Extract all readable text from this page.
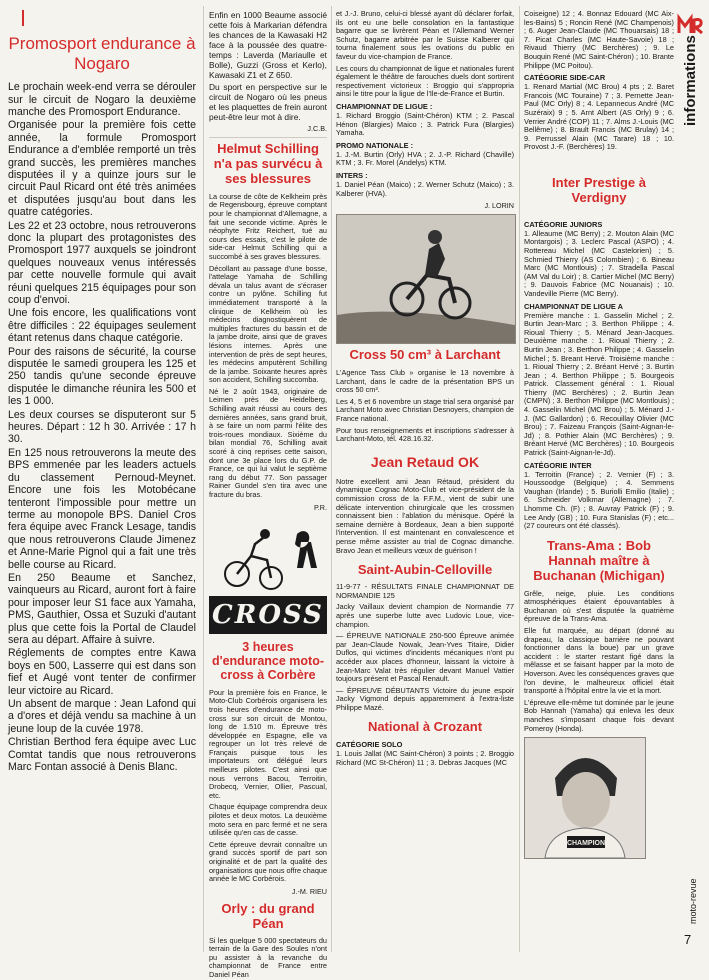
Promosport endurance à Nogaro

Le prochain week-end verra se dérouler sur le circuit de Nogaro la deuxième manche des Promosport Endurance.

Organisée pour la première fois cette année, la formule Promosport Endurance a d'emblée remporté un très grand succès, les premières manches disputées il y a quinze jours sur le circuit Paul Ricard ont été très animées et disputées jusqu'au bout dans les quatre catégories.

Les 22 et 23 octobre, nous retrouverons donc la plupart des protagonistes des Promosport 1977 auxquels se joindront quelques nouveaux venus intéressés par cette nouvelle formule qui avait réuni quelques 215 équipages pour son coup d'envoi.

Une fois encore, les qualifications vont être difficiles : 22 équipages seulement étant retenus dans chaque catégorie.

Pour des raisons de sécurité, la course disputée le samedi groupera les 125 et 250 tandis qu'une seconde épreuve disputée le dimanche réunira les 500 et les 1 000.

Les deux courses se disputeront sur 5 heures. Départ : 12 h 30. Arrivée : 17 h 30.

En 125 nous retrouverons la meute des BPS emmenée par les leaders actuels du classement Pernoud-Meynet. Encore une fois les Motobécane tenteront l'impossible pour mettre un terme au monopole BPS. Daniel Cros fera équipe avec Franck Lesage, tandis que nous retrouverons Claude Jimenez et Anne-Marie Pignol qui a fait une très belle course au Ricard.

En 250 Beaume et Sanchez, vainqueurs au Ricard, auront fort à faire pour imposer leur S1 face aux Yamaha, PMS, Gauthier, Ossa et Suzuki d'autant plus que cette fois la Portal de Claudel sera au départ. Affaire à suivre.

Réglements de comptes entre Kawa boys en 500, Lasserre qui est dans son fief et Augé vont tenter de confirmer leur victoire au Ricard.

Un absent de marque : Jean Lafond qui a d'ores et déjà vendu sa machine à un jeune loup de la cuvée 1978.

Christian Berthod fera équipe avec Luc Comtat tandis que nous retrouverons Marc Fontan associé à Denis Blanc.

Enfin en 1000 Beaume associé cette fois à Markarian défendra les chances de la Kawasaki H2 face à la poussée des quatre-temps : Laverda (Mariaulle et Bolle), Guzzi (Gross et Kerlo), Kawasaki Z1 et Z 650.

Du sport en perspective sur le circuit de Nogaro où les pneus et les plaquettes de frein auront peut-être leur mot à dire.

J.C.B.
Helmut Schilling n'a pas survécu à ses blessures

La course de côte de Kelkheim près de Regensbourg, épreuve comptant pour le championnat d'Allemagne, a fait une seconde victime. Après le néophyte Fritz Reichert, tué au cours des essais, c'est le pilote de side-car Helmut Schilling qui a succombé à ses graves blessures.

Décollant au passage d'une bosse, l'attelage Yamaha de Schilling dévala un talus avant de s'écraser contre un pylône. Schilling fut immédiatement transporté à la clinique de Kelkheim où les médecins diagnostiquèrent de multiples fractures du bassin et de la jambe droite, ainsi que de graves lésions internes. Après une intervention de près de sept heures, les médecins amputèrent Schilling de la jambe. Soixante heures après son accident, Schilling succomba.

Né le 2 août 1943, originaire de Leimen près de Heidelberg, Schilling avait réussi au cours des dernières années, sans grand bruit, à se faire un nom parmi l'élite des trois-roues mondiaux. Sixième du bilan mondial 76, Schilling avait scoré à cinq reprises cette saison, dont une 3e place lors du G.P. de France, ce qui lui valut le septième rang du début 77. Son passager Rainer Gundel s'en tira avec une fracture du bras.

P.R.
CROSS
3 heures d'endurance moto-cross à Corbère

Pour la première fois en France, le Moto-Club Corbérois organisera les trois heures d'endurance de moto-cross sur son circuit de Montou, long de 1.510 m. Épreuve très développée en Espagne, elle va regrouper un lot très relevé de Français puisque tous les importateurs ont délégué leurs meilleurs pilotes. C'est ainsi que nous verrons Bacou, Terroitin, Drobecq, Vernier, Ollier, Pascual, etc.

Chaque équipage comprendra deux pilotes et deux motos. La deuxième moto sera en parc fermé et ne sera utilisée qu'en cas de casse.

Cette épreuve devrait connaître un grand succès sportif de part son originalité et de part la qualité des organisations que nous offre chaque année le MC Corbérois.

J.-M. RIEU
Orly : du grand Péan

Si les quelque 5 000 spectateurs du terrain de la Gare des Soules n'ont pu assister à la revanche du championnat de France entre Daniel Péan

et J.-J. Bruno, celui-ci blessé ayant dû déclarer forfait, ils ont eu une belle consolation en la fantastique bagarre que se livrèrent Péan et l'Allemand Werner Schutz, bagarre arbitrée par le Suisse Kalberer qui tourna finalement sous les ovations du public en faveur du vice-champion de France.

Les cours du championnat de ligue et nationales furent également le théâtre de farouches duels dont sortirent respectivement victorieux : Broggio qui s'appropria ainsi le titre pour la ligue de l'Ile-de-France et Burtin.

CHAMPIONNAT DE LIGUE :

1. Richard Broggio (Saint-Chéron) KTM ; 2. Pascal Hénon (Blargies) Maico ; 3. Patrick Fura (Blargies) Yamaha.

PROMO NATIONALE :

1. J.-M. Burtin (Orly) HVA ; 2. J.-P. Richard (Chaville) KTM ; 3. Fr. Morel (Andelys) KTM.

INTERS :

1. Daniel Péan (Maico) ; 2. Werner Schutz (Maico) ; 3. Kalberer (HVA).

J. LORIN
Cross 50 cm³ à Larchant

L'Agence Tass Club » organise le 13 novembre à Larchant, dans le cadre de la présentation BPS un cross 50 cm³.

Les 4, 5 et 6 novembre un stage trial sera organisé par Larchant Moto avec Christian Desnoyers, champion de France national.

Pour tous renseignements et inscriptions s'adresser à Larchant-Moto, tél. 428.16.32.

Jean Retaud OK

Notre excellent ami Jean Rétaud, président du dynamique Cognac Moto-Club et vice-président de la commission cross de la F.F.M., vient de subir une délicate intervention chirurgicale que les crossmen connaissent bien : l'ablation du ménisque. Opéré la semaine dernière à Bordeaux, Jean a bien supporté l'intervention. Il est maintenant en convalescence et pense même assister au trial de Cognac dimanche. Bravo Jean et meilleurs vœux de guérison !

Saint-Aubin-Celloville

11-9-77 - RÉSULTATS FINALE CHAMPIONNAT DE NORMANDIE 125

Jacky Vaillaux devient champion de Normandie 77 après une superbe lutte avec Ludovic Loue, vice-champion.

— ÉPREUVE NATIONALE 250-500 Épreuve animée par Jean-Claude Nowak, Jean-Yves Titaire, Didier Duflos, qui victimes d'incidents mécaniques n'ont pu accéder aux places d'honneur, laissant la victoire à Jean-Marc Valat très régulier devant Manuel Vattier toujours présent et Pascal Renault.

— ÉPREUVE DÉBUTANTS Victoire du jeune espoir Jacky Vigmond depuis apparemment à l'extra-liste Philippe Mazé.

National à Crozant
CATÉGORIE SOLO

1. Louis Jallat (MC Saint-Chéron) 3 points ; 2. Broggio Richard (MC St-Chéron) 11 ; 3. Debras Jacques (MC

Coiseigne) 12 ; 4. Bonnaz Edouard (MC Aix-les-Bains) 5 ; Roncin René (MC Champenois) ; 6. Auger Jean-Claude (MC Thouarsais) 18 ; 7. Picat Charles (MC Haute-Savoie) 18 ; Rivaud Thierry (MC Berchères) ; 9. Le Bouquin René (MC Saint-Chéron) ; 10. Brante Philippe (MC Poitou).

CATÉGORIE SIDE-CAR

1. Renard Martial (MC Brou) 4 pts ; 2. Baret Francois (MC Touraine) 7 ; 3. Pernette Jean-Paul (MC Orly) 8 ; 4. Lepannecus André (MC Suzéraix) 9 ; 5. Arnt Albert (AS Orly) 9 ; 6. Verrier André (COP) 11 ; 7. Alms J.-Louis (MC Bellême) ; 8. Brault Francis (MC Brulay) 14 ; 9. Perrussel Alain (MC Tarare) 18 ; 10. Provost J.-F. (Berchères) 19.

Inter Prestige à Verdigny
CATÉGORIE JUNIORS

1. Alleaume (MC Berry) ; 2. Mouton Alain (MC Montargois) ; 3. Leclerc Pascal (ASPO) ; 4. Rottereau Michel (MC Castelorien) ; 5. Schmied Thierry (AS Colombien) ; 6. Bineau Marc (MC Montlouis) ; 7. Stradella Pascal (AM Val du Loir) ; 8. Cartier Michel (MC Berry) ; 9. Dauvois Fabrice (MC Nouanais) ; 10. Vandeville Pierre (MC Berry).

CHAMPIONNAT DE LIGUE A

Première manche : 1. Gasselin Michel ; 2. Burtin Jean-Marc ; 3. Berthon Philippe ; 4. Rioual Thierry ; 5. Ménard Jean-Jacques. Deuxième manche : 1. Rioual Thierry ; 2. Burtin Jean ; 3. Berthon Philippe ; 4. Gasselin Michel ; 5. Breant Hervé. Troisième manche : 1. Rioual Thierry ; 2. Bréant Hervé ; 3. Burtin Jean ; 4. Berthon Philippe ; 5. Bourgeois Patrick. Classement général : 1. Rioual Thierry (MC Berchères) ; 2. Burtin Jean (CMPN) ; 3. Berthon Philippe (MC Montlouis) ; 4. Gasselin Michel (MC Brou) ; 5. Ménard J.-J. (MC Gallardon) ; 6. Recouillay Olivier (MC Brou) ; 7. Faizeau François (Saint-Aignan-le-Jd) ; 8. Pothier Alain (MC Berchères) ; 9. Bréant Hervé (MC Berchères) ; 10. Bourgeois Patrick (Saint-Aignan-le-Jd).

CATÉGORIE INTER

1. Terroitin (France) ; 2. Vernier (F) ; 3. Houssoodge (Belgique) ; 4. Semmens Vaughan (Irlande) ; 5. Buriolli Emilio (Italie) ; 6. Schneider Volkmar (Allemagne) ; 7. Lhomme Ch. (F) ; 8. Auvray Patrick (F) ; 9. Lee Andy (GB) ; 10. Fura Stanislas (F) ; etc... (27 coureurs ont été classés).

Trans-Ama : Bob Hannah maître à Buchanan (Michigan)

Grêle, neige, pluie. Les conditions atmosphériques étaient épouvantables à Buchanan où s'est disputée la quatrième épreuve de la Trans-Ama.

Elle fut marquée, au départ (donné au drapeau, la classique barrière ne pouvant fonctionner dans la boue) par un grave accident : le starter restant figé dans la mêlasse et se faisant happer par la moto de Hoverson. Avec les conséquences graves que l'on devine, le malheureux officiel était transporté à l'hôpital entre la vie et la mort.

L'épreuve elle-même tut dominée par le jeune Bob Hannah (Yamaha) qui enleva les deux manches s'imposant chaque fois devant Pomeroy (Honda).

CHAMPION
informations
moto-revue
7
